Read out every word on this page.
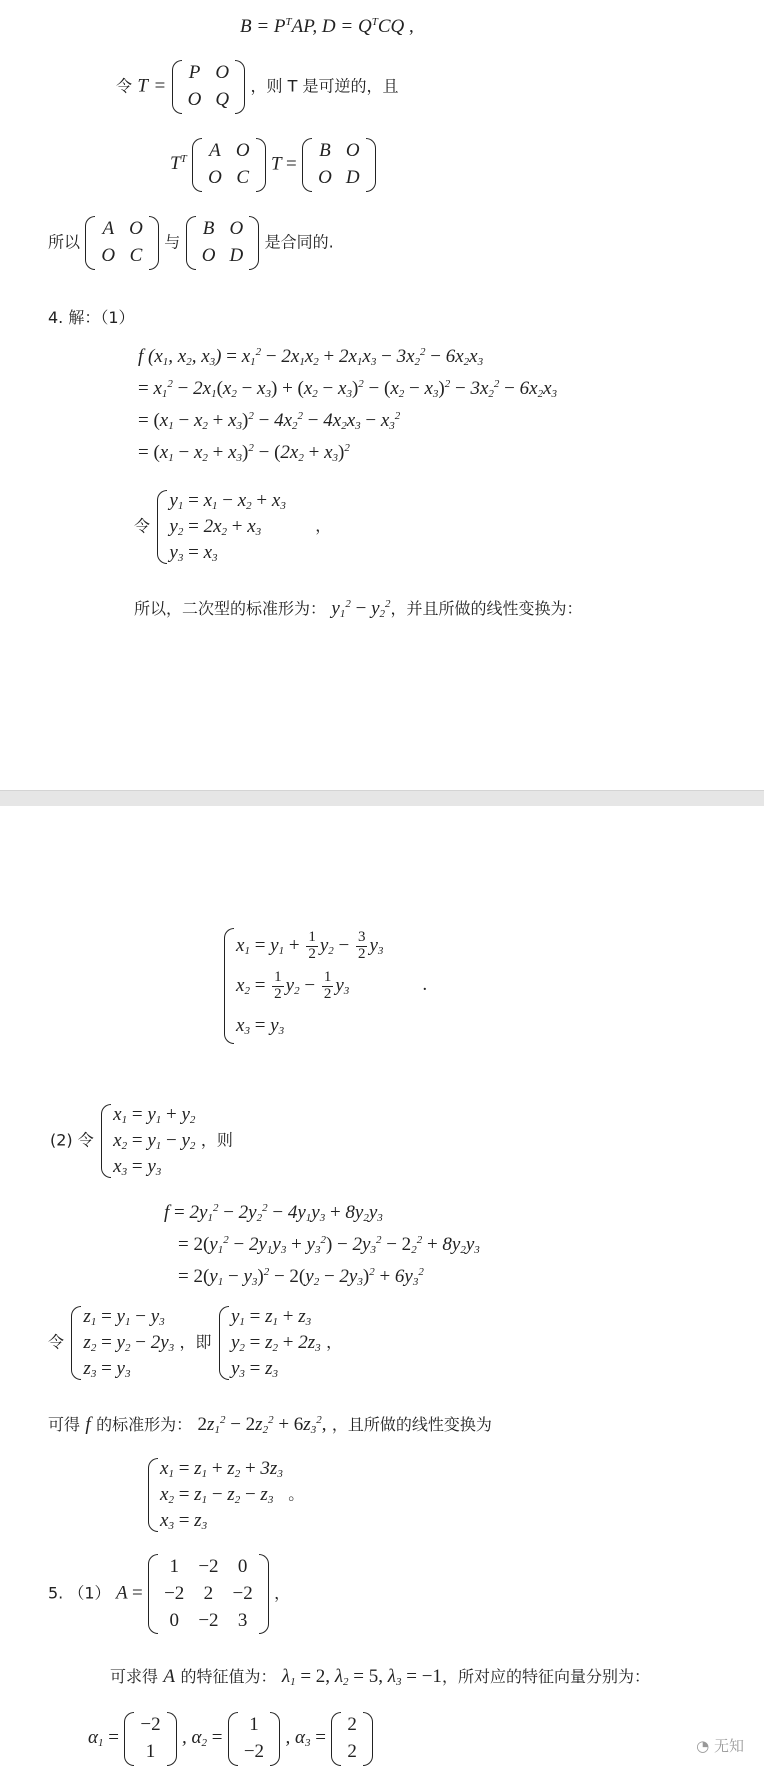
$B = P^TAP$, $D = Q^TCQ$ ,
令 T =
P	O
O	Q
，则 T 是可逆的，且
$T^T$ A	O
O	C
T =
B	O
O	D
所以
A	O
O	C
与
B	O
O	D
是合同的.
4. 解：（1）
f ($x_1$, $x_2$, $x_3) = x_1^2 - 2x_1x_2 + 2x_1x_3 - 3x_2^2 - 6x_2x_3$
= $x_1^2 - 2x_1(x_2 - x_3) + (x_2 - x_3)^2 - (x_2 - x_3)^2 - 3x_2^2 - 6x_2x_3$
= $(x_1 - x_2 + x_3)^2 - 4x_2^2 - 4x_2x_3 - x_3^2$
= $(x_1 - x_2 + x_3)^2 - (2x_2 + x_3)^2$
令
$y_1 = x_1 - x_2 + x_3$
$y_2 = 2x_2 + x_3$
$y_3 = x_3$
，
所以，二次型的标准形为： $y_1^2 - y_2^2$，并且所做的线性变换为：
$x_1 = y_1 + \frac{1}{2} y_2 - \frac{3}{2} y_3$
$x_2 = \frac{1}{2} y_2 - \frac{1}{2} y_3$
$x_3 = y_3$
.
(2) 令
$x_1 = y_1 + y_2$
$x_2 = y_1 - y_2$
$x_3 = y_3$
，则
$f = 2y_1^2 - 2y_2^2 - 4y_1y_3 + 8y_2y_3$
= $2(y_1^2 - 2y_1y_3 + y_3^2) - 2y_3^2 - 2_2^2 + 8y_2y_3$
= $2(y_1 - y_3)^2 - 2(y_2 - 2y_3)^2 + 6y_3^2$
令
$z_1 = y_1 - y_3$
$z_2 = y_2 - 2y_3$
$z_3 = y_3$
，即
$y_1 = z_1 + z_3$
$y_2 = z_2 + 2z_3$
$y_3 = z_3$
，
可得 f 的标准形为： $2z_1^2 - 2z_2^2 + 6z_3^2$, ，且所做的线性变换为
$x_1 = z_1 + z_2 + 3z_3$
$x_2 = z_1 - z_2 - z_3$
$x_3 = z_3$
。
5. （1） A =
1	−2	0
−2	2	−2
0	−2	3
，
可求得 A 的特征值为： $\lambda_1 = 2$, $\lambda_2 = 5$, $\lambda_3 = -1$，所对应的特征向量分别为：
$\alpha_1$ =
−2
1
, $\alpha_2$ =
1
−2
, $\alpha_3$ =
2
2	◔ 无知
